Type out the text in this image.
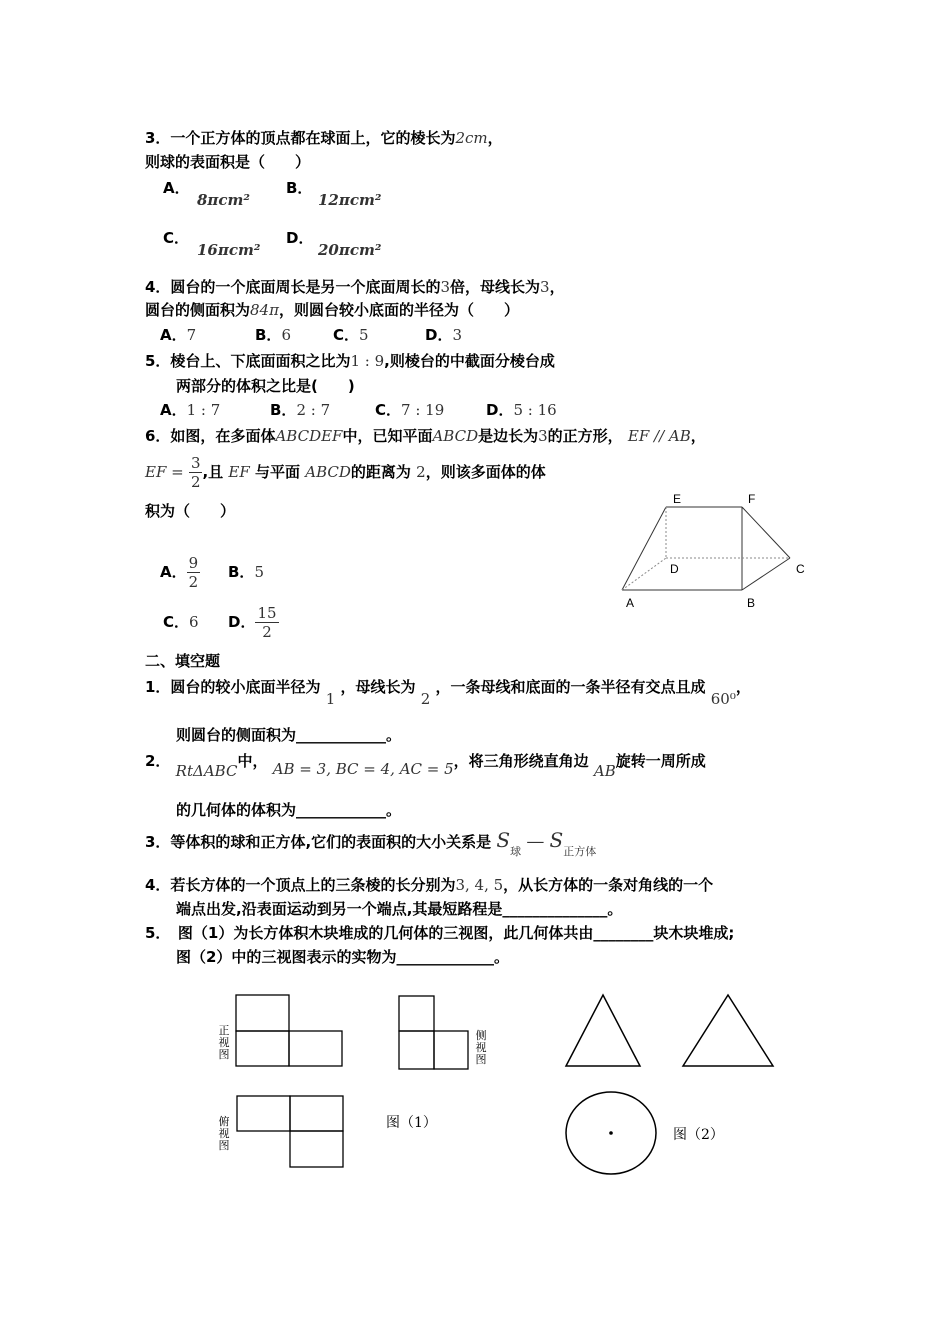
3．一个正方体的顶点都在球面上，它的棱长为2cm，
则球的表面积是（　　）
A．
8πcm²
B．
12πcm²
C．
16πcm²
D．
20πcm²
4．圆台的一个底面周长是另一个底面周长的3倍，母线长为3，
圆台的侧面积为84π，则圆台较小底面的半径为（　　）
A．7	B．6	C．5	D．3
5．棱台上、下底面面积之比为1 : 9,则棱台的中截面分棱台成
两部分的体积之比是(　　)
A．1 : 7	B．2 : 7	C．7 : 19	D．5 : 16
6．如图，在多面体ABCDEF中，已知平面ABCD是边长为3的正方形， EF // AB，
EF = $\frac{3}{2}$ ,且 EF 与平面 ABCD的距离为 2，则该多面体的体
积为（　　）
A． $\frac{9}{2}$ B．5
C．6 D． $\frac{15}{2}$
E	F
D	C
A	B
二、填空题
1．圆台的较小底面半径为 1 ，母线长为 2 ，一条母线和底面的一条半径有交点且成 60⁰，
则圆台的侧面积为____________。
2． RtΔABC中， AB = 3, BC = 4, AC = 5，将三角形绕直角边 AB旋转一周所成
的几何体的体积为____________。
3．等体积的球和正方体,它们的表面积的大小关系是 $S_球$ — $S_{正方体}$
4．若长方体的一个顶点上的三条棱的长分别为3, 4, 5，从长方体的一条对角线的一个
端点出发,沿表面运动到另一个端点,其最短路程是______________。
5．　图（1）为长方体积木块堆成的几何体的三视图，此几何体共由________块木块堆成;
图（2）中的三视图表示的实物为_____________。
正视图
侧视图
俯视图
图（1）
图（2）
